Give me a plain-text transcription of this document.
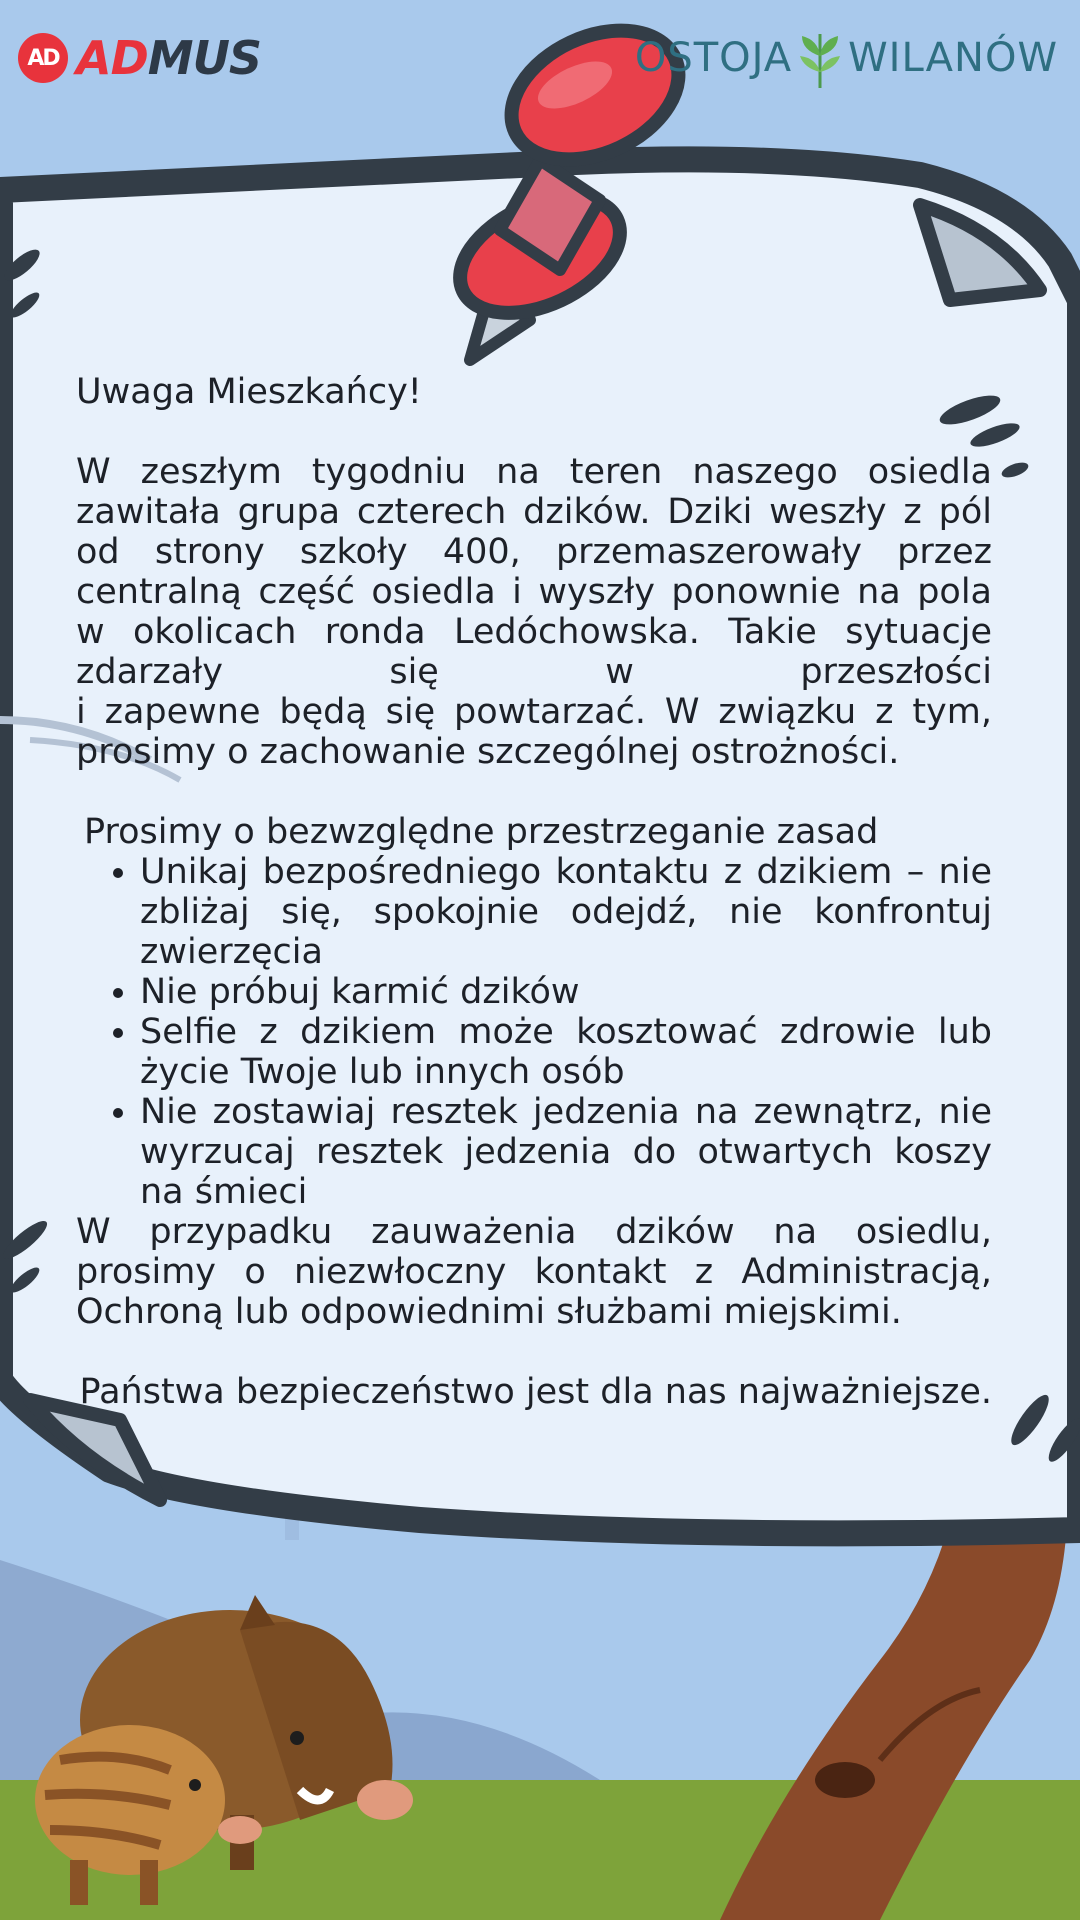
AD ADMUS	OSTOJA WILANÓW

Uwaga Mieszkańcy!

W zeszłym tygodniu na teren naszego osiedla zawitała grupa czterech dzików. Dziki weszły z pól od strony szkoły 400, przemaszerowały przez centralną część osiedla i wyszły ponownie na pola w okolicach ronda Ledóchowska. Takie sytuacje zdarzały się w przeszłości

i zapewne będą się powtarzać. W związku z tym, prosimy o zachowanie szczególnej ostrożności.

Prosimy o bezwzględne przestrzeganie zasad

• Unikaj bezpośredniego kontaktu z dzikiem – nie zbliżaj się, spokojnie odejdź, nie konfrontuj zwierzęcia
• Nie próbuj karmić dzików
• Selfie z dzikiem może kosztować zdrowie lub życie Twoje lub innych osób
• Nie zostawiaj resztek jedzenia na zewnątrz, nie wyrzucaj resztek jedzenia do otwartych koszy na śmieci

W przypadku zauważenia dzików na osiedlu, prosimy o niezwłoczny kontakt z Administracją, Ochroną lub odpowiednimi służbami miejskimi.

Państwa bezpieczeństwo jest dla nas najważniejsze.
